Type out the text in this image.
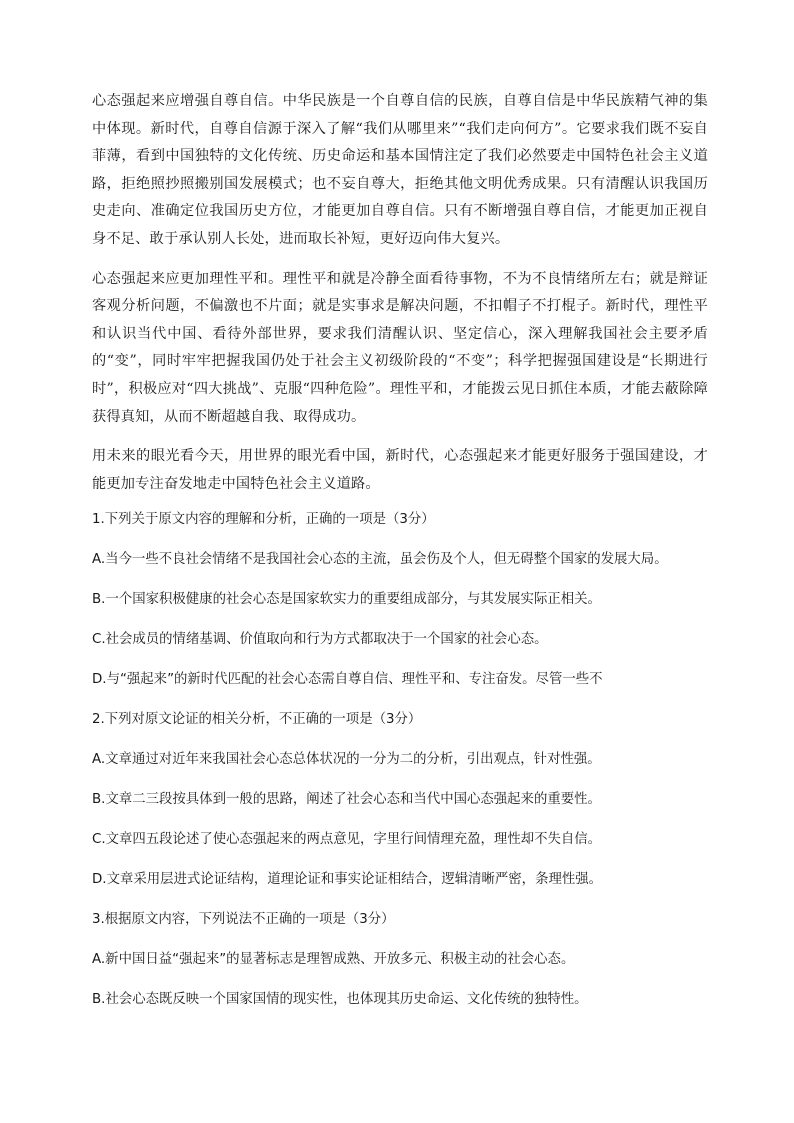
心态强起来应增强自尊自信。中华民族是一个自尊自信的民族，自尊自信是中华民族精气神的集中体现。新时代，自尊自信源于深入了解“我们从哪里来”“我们走向何方”。它要求我们既不妄自菲薄，看到中国独特的文化传统、历史命运和基本国情注定了我们必然要走中国特色社会主义道路，拒绝照抄照搬别国发展模式；也不妄自尊大，拒绝其他文明优秀成果。只有清醒认识我国历史走向、准确定位我国历史方位，才能更加自尊自信。只有不断增强自尊自信，才能更加正视自身不足、敢于承认别人长处，进而取长补短，更好迈向伟大复兴。

心态强起来应更加理性平和。理性平和就是冷静全面看待事物，不为不良情绪所左右；就是辩证客观分析问题，不偏激也不片面；就是实事求是解决问题，不扣帽子不打棍子。新时代，理性平和认识当代中国、看待外部世界，要求我们清醒认识、坚定信心，深入理解我国社会主要矛盾的“变”，同时牢牢把握我国仍处于社会主义初级阶段的“不变”；科学把握强国建设是“长期进行时”，积极应对“四大挑战”、克服“四种危险”。理性平和，才能拨云见日抓住本质，才能去蔽除障获得真知，从而不断超越自我、取得成功。

用未来的眼光看今天，用世界的眼光看中国，新时代，心态强起来才能更好服务于强国建设，才能更加专注奋发地走中国特色社会主义道路。

1.下列关于原文内容的理解和分析，正确的一项是（3分）

A.当今一些不良社会情绪不是我国社会心态的主流，虽会伤及个人，但无碍整个国家的发展大局。

B.一个国家积极健康的社会心态是国家软实力的重要组成部分，与其发展实际正相关。

C.社会成员的情绪基调、价值取向和行为方式都取决于一个国家的社会心态。

D.与“强起来”的新时代匹配的社会心态需自尊自信、理性平和、专注奋发。尽管一些不

2.下列对原文论证的相关分析，不正确的一项是（3分）

A.文章通过对近年来我国社会心态总体状况的一分为二的分析，引出观点，针对性强。

B.文章二三段按具体到一般的思路，阐述了社会心态和当代中国心态强起来的重要性。

C.文章四五段论述了使心态强起来的两点意见，字里行间情理充盈，理性却不失自信。

D.文章采用层进式论证结构，道理论证和事实论证相结合，逻辑清晰严密，条理性强。

3.根据原文内容，下列说法不正确的一项是（3分）

A.新中国日益“强起来”的显著标志是理智成熟、开放多元、积极主动的社会心态。

B.社会心态既反映一个国家国情的现实性，也体现其历史命运、文化传统的独特性。
